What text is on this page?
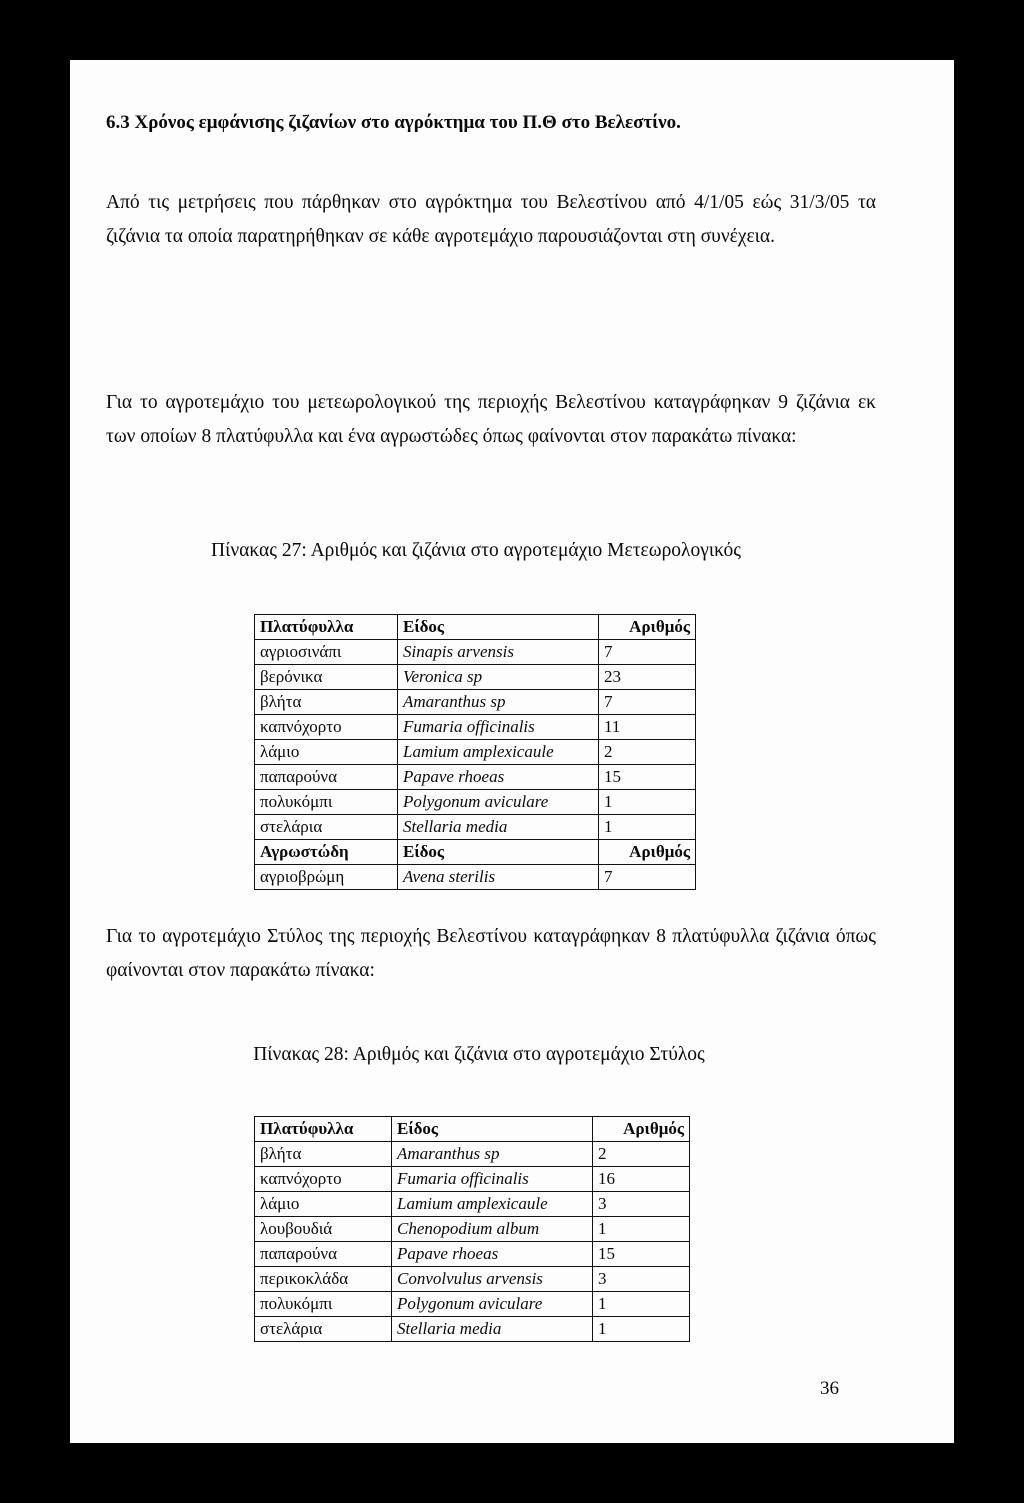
6.3 Χρόνος εμφάνισης ζιζανίων στο αγρόκτημα του Π.Θ στο Βελεστίνο.

Από τις μετρήσεις που πάρθηκαν στο αγρόκτημα του Βελεστίνου από 4/1/05 εώς 31/3/05 τα ζιζάνια τα οποία παρατηρήθηκαν σε κάθε αγροτεμάχιο παρουσιάζονται στη συνέχεια.

Για το αγροτεμάχιο του μετεωρολογικού της περιοχής Βελεστίνου καταγράφηκαν 9 ζιζάνια εκ των οποίων 8 πλατύφυλλα και ένα αγρωστώδες όπως φαίνονται στον παρακάτω πίνακα:

Πίνακας 27: Αριθμός και ζιζάνια στο αγροτεμάχιο Μετεωρολογικός

Πλατύφυλλα	Είδος	Αριθμός
αγριοσινάπι	Sinapis arvensis	7
βερόνικα	Veronica sp	23
βλήτα	Amaranthus sp	7
καπνόχορτο	Fumaria officinalis	11
λάμιο	Lamium amplexicaule	2
παπαρούνα	Papave rhoeas	15
πολυκόμπι	Polygonum aviculare	1
στελάρια	Stellaria media	1
Αγρωστώδη	Είδος	Αριθμός
αγριοβρώμη	Avena sterilis	7

Για το αγροτεμάχιο Στύλος της περιοχής Βελεστίνου καταγράφηκαν 8 πλατύφυλλα ζιζάνια όπως φαίνονται στον παρακάτω πίνακα:

Πίνακας 28: Αριθμός και ζιζάνια στο αγροτεμάχιο Στύλος

Πλατύφυλλα	Είδος	Αριθμός
βλήτα	Amaranthus sp	2
καπνόχορτο	Fumaria officinalis	16
λάμιο	Lamium amplexicaule	3
λουβουδιά	Chenopodium album	1
παπαρούνα	Papave rhoeas	15
περικοκλάδα	Convolvulus arvensis	3
πολυκόμπι	Polygonum aviculare	1
στελάρια	Stellaria media	1

36
